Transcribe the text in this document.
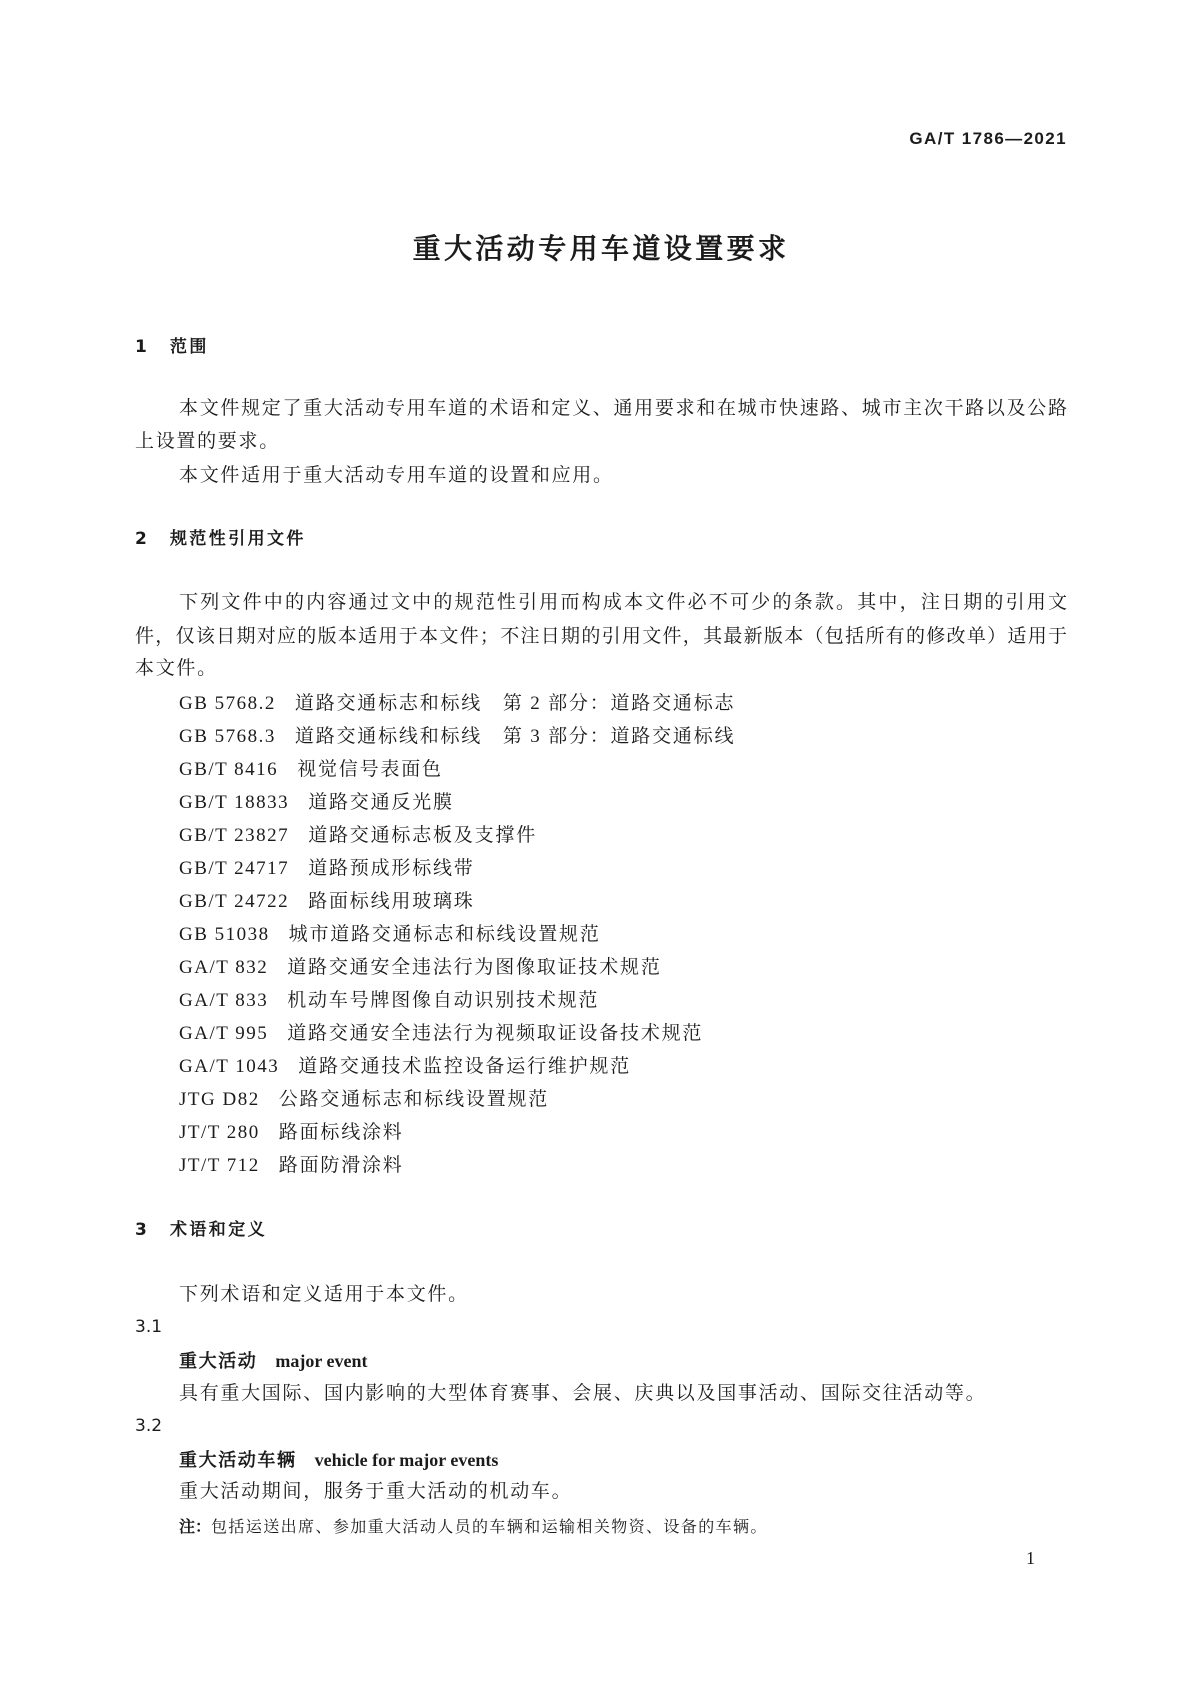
GA/T 1786—2021
重大活动专用车道设置要求
1 范围
本文件规定了重大活动专用车道的术语和定义、通用要求和在城市快速路、城市主次干路以及公路
上设置的要求。
本文件适用于重大活动专用车道的设置和应用。
2 规范性引用文件
下列文件中的内容通过文中的规范性引用而构成本文件必不可少的条款。其中，注日期的引用文
件，仅该日期对应的版本适用于本文件；不注日期的引用文件，其最新版本（包括所有的修改单）适用于
本文件。
GB 5768.2 道路交通标志和标线　第 2 部分：道路交通标志
GB 5768.3 道路交通标线和标线　第 3 部分：道路交通标线
GB/T 8416 视觉信号表面色
GB/T 18833 道路交通反光膜
GB/T 23827 道路交通标志板及支撑件
GB/T 24717 道路预成形标线带
GB/T 24722 路面标线用玻璃珠
GB 51038 城市道路交通标志和标线设置规范
GA/T 832 道路交通安全违法行为图像取证技术规范
GA/T 833 机动车号牌图像自动识别技术规范
GA/T 995 道路交通安全违法行为视频取证设备技术规范
GA/T 1043 道路交通技术监控设备运行维护规范
JTG D82 公路交通标志和标线设置规范
JT/T 280 路面标线涂料
JT/T 712 路面防滑涂料
3 术语和定义
下列术语和定义适用于本文件。
3.1
重大活动 major event
具有重大国际、国内影响的大型体育赛事、会展、庆典以及国事活动、国际交往活动等。
3.2
重大活动车辆 vehicle for major events
重大活动期间，服务于重大活动的机动车。
注：包括运送出席、参加重大活动人员的车辆和运输相关物资、设备的车辆。
1
